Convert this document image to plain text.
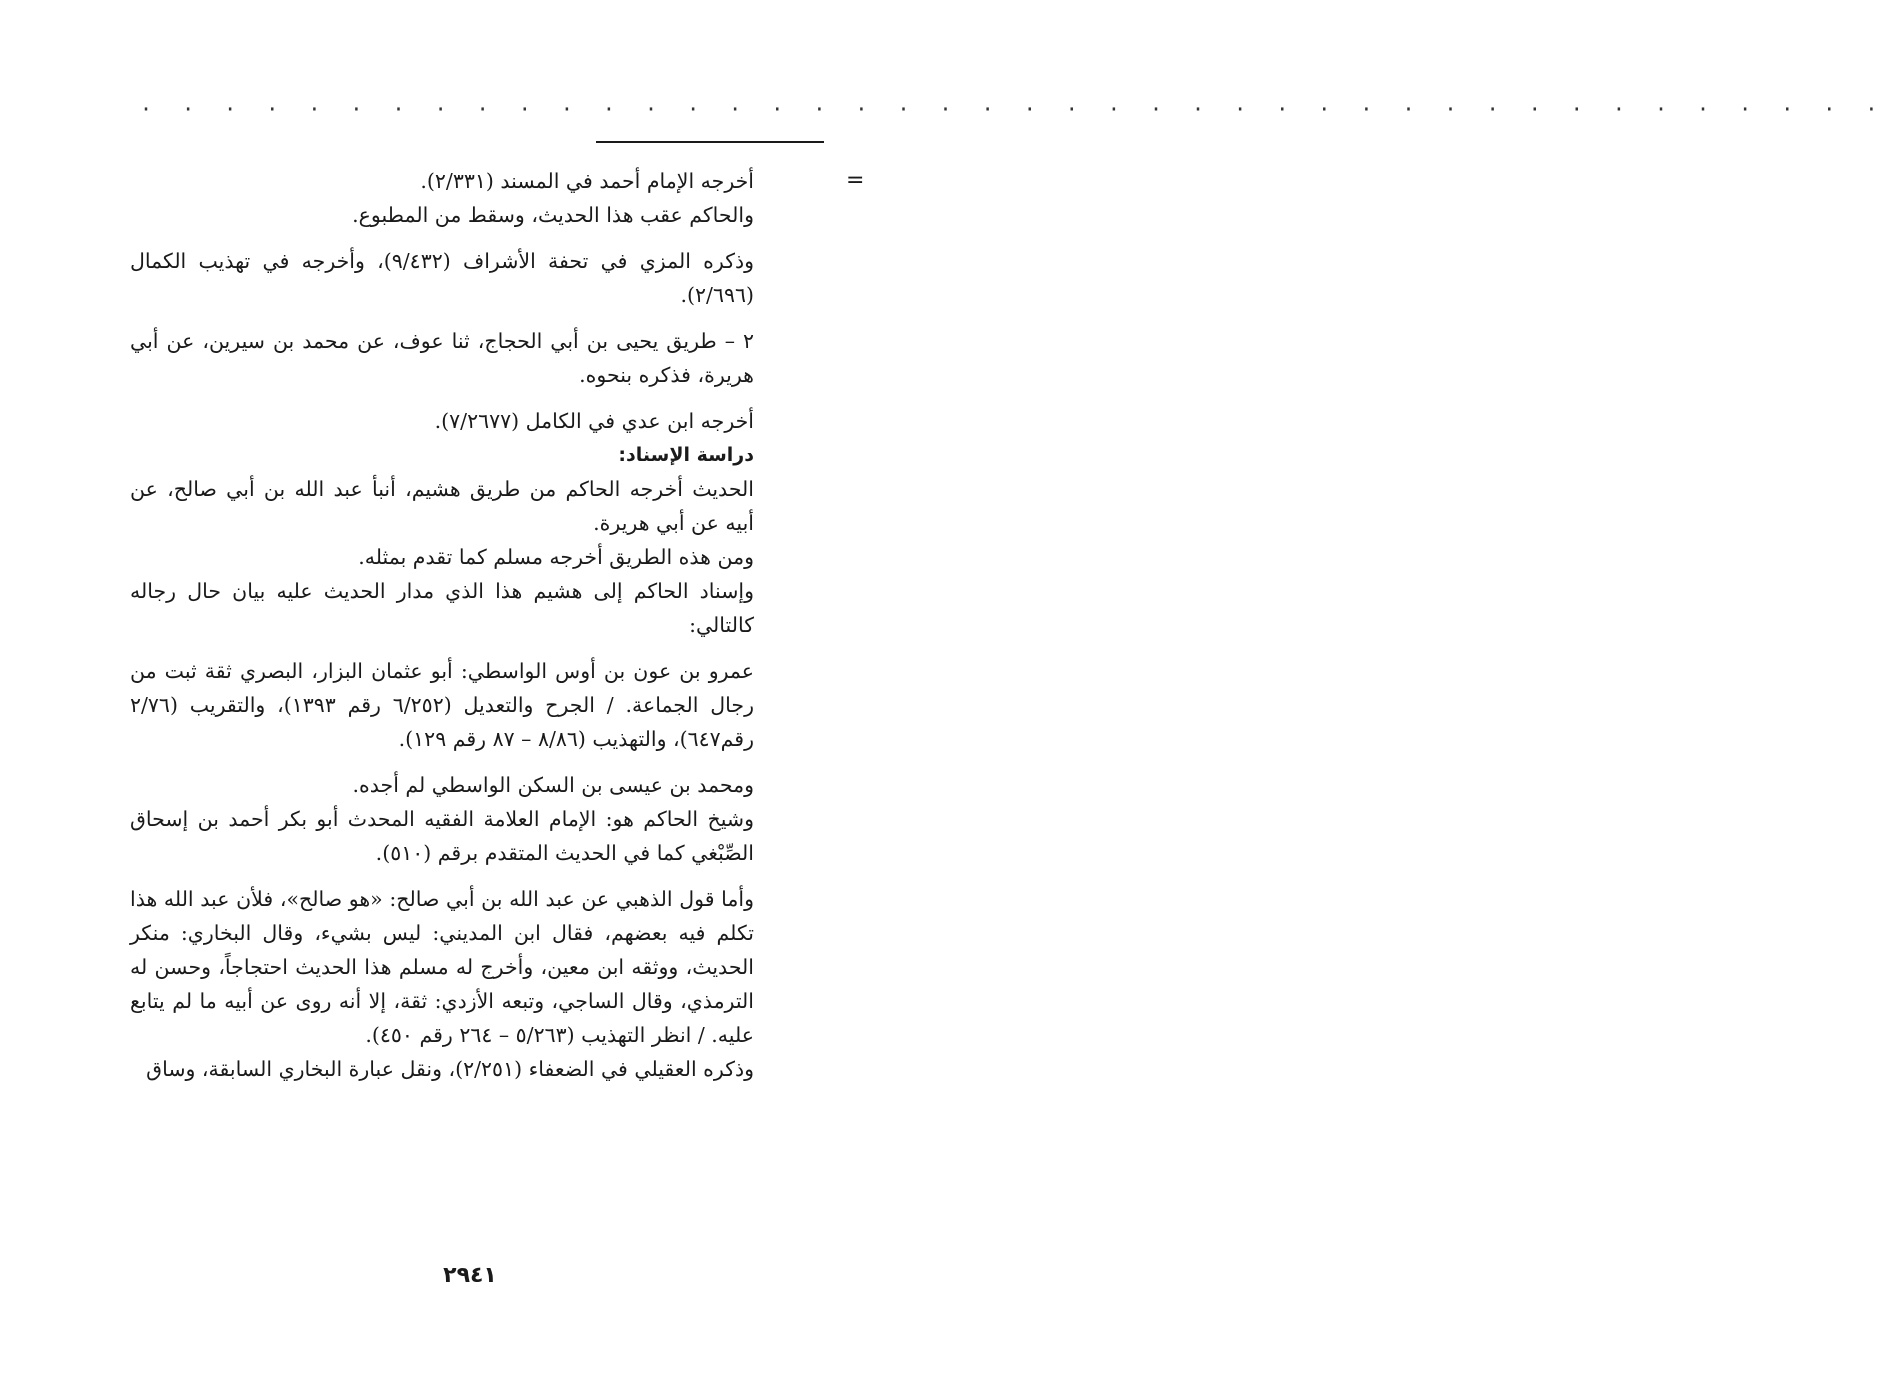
· · · · · · · · · · · · · · · · · · · · · · · · · · · · · · · · · · · · · · · · · ·
=

أخرجه الإمام أحمد في المسند (٢/٣٣١).

والحاكم عقب هذا الحديث، وسقط من المطبوع.

وذكره المزي في تحفة الأشراف (٩/٤٣٢)، وأخرجه في تهذيب الكمال (٢/٦٩٦).

٢ – طريق يحيى بن أبي الحجاج، ثنا عوف، عن محمد بن سيرين، عن أبي هريرة، فذكره بنحوه.

أخرجه ابن عدي في الكامل (٧/٢٦٧٧).

دراسة الإسناد:

الحديث أخرجه الحاكم من طريق هشيم، أنبأ عبد الله بن أبي صالح، عن أبيه عن أبي هريرة.

ومن هذه الطريق أخرجه مسلم كما تقدم بمثله.

وإسناد الحاكم إلى هشيم هذا الذي مدار الحديث عليه بيان حال رجاله كالتالي:

عمرو بن عون بن أوس الواسطي: أبو عثمان البزار، البصري ثقة ثبت من رجال الجماعة. / الجرح والتعديل (٦/٢٥٢ رقم ١٣٩٣)، والتقريب (٢/٧٦ رقم٦٤٧)، والتهذيب (٨/٨٦ – ٨٧ رقم ١٢٩).

ومحمد بن عيسى بن السكن الواسطي لم أجده.

وشيخ الحاكم هو: الإمام العلامة الفقيه المحدث أبو بكر أحمد بن إسحاق الصِّبْغي كما في الحديث المتقدم برقم (٥١٠).

وأما قول الذهبي عن عبد الله بن أبي صالح: «هو صالح»، فلأن عبد الله هذا تكلم فيه بعضهم، فقال ابن المديني: ليس بشيء، وقال البخاري: منكر الحديث، ووثقه ابن معين، وأخرج له مسلم هذا الحديث احتجاجاً، وحسن له الترمذي، وقال الساجي، وتبعه الأزدي: ثقة، إلا أنه روى عن أبيه ما لم يتابع عليه. / انظر التهذيب (٥/٢٦٣ – ٢٦٤ رقم ٤٥٠).

وذكره العقيلي في الضعفاء (٢/٢٥١)، ونقل عبارة البخاري السابقة، وساق

٢٩٤١
